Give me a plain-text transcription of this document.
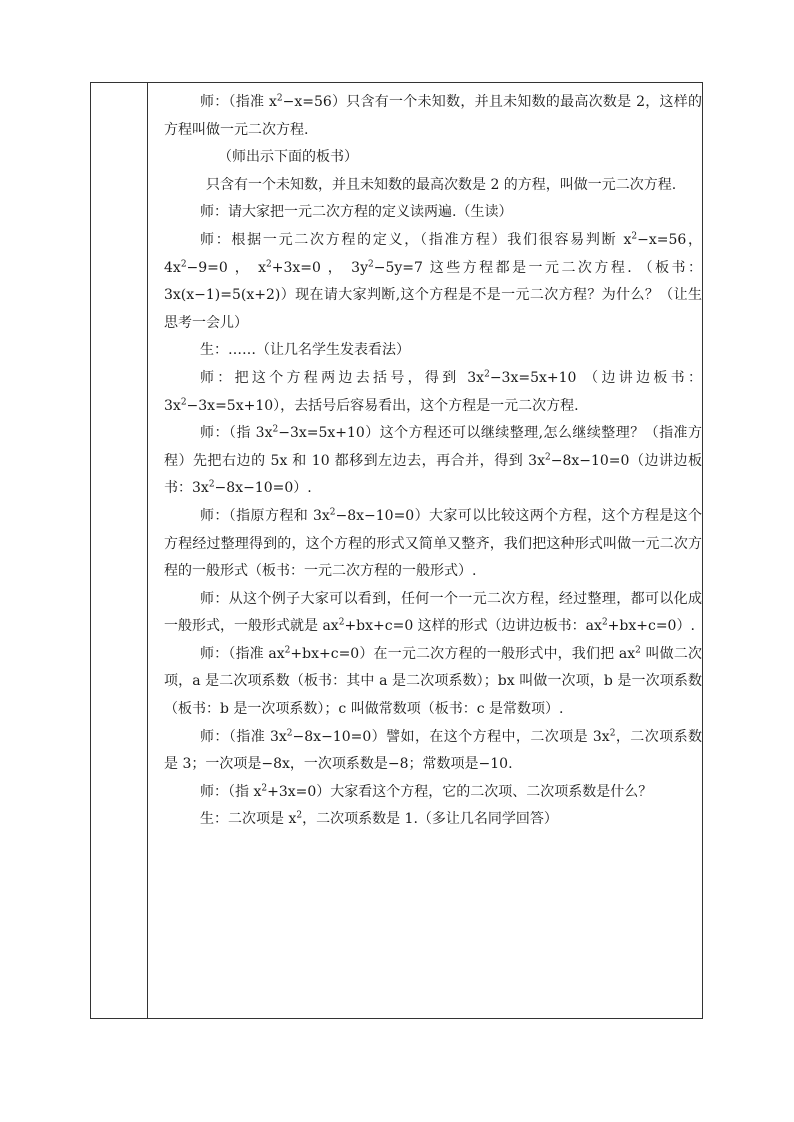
师：（指准 $x^2-x=56$）只含有一个未知数，并且未知数的最高次数是 2，这样的方程叫做一元二次方程.

（师出示下面的板书）

只含有一个未知数，并且未知数的最高次数是 2 的方程，叫做一元二次方程.

师：请大家把一元二次方程的定义读两遍.（生读）

师：根据一元二次方程的定义，（指准方程）我们很容易判断 $x^2-x=56$，$4x^2-9=0$ ， $x^2+3x=0$ ， $3y^2-5y=7$ 这些方程都是一元二次方程. （板书：3x(x−1)=5(x+2)）现在请大家判断,这个方程是不是一元二次方程？为什么？（让生思考一会儿）

生：……（让几名学生发表看法）

师：把这个方程两边去括号，得到 $3x^2-3x=5x+10$ （边讲边板书：$3x^2-3x=5x+10$），去括号后容易看出，这个方程是一元二次方程.

师：（指 $3x^2-3x=5x+10$）这个方程还可以继续整理,怎么继续整理？（指准方程）先把右边的 5x 和 10 都移到左边去，再合并，得到 $3x^2-8x-10=0$（边讲边板书：$3x^2-8x-10=0$）.

师：（指原方程和 $3x^2-8x-10=0$）大家可以比较这两个方程，这个方程是这个方程经过整理得到的，这个方程的形式又简单又整齐，我们把这种形式叫做一元二次方程的一般形式（板书：一元二次方程的一般形式）.

师：从这个例子大家可以看到，任何一个一元二次方程，经过整理，都可以化成一般形式，一般形式就是 $ax^2+bx+c=0$ 这样的形式（边讲边板书：$ax^2+bx+c=0$）.

师：（指准 $ax^2+bx+c=0$）在一元二次方程的一般形式中，我们把 $ax^2$ 叫做二次项，a 是二次项系数（板书：其中 a 是二次项系数）；bx 叫做一次项，b 是一次项系数（板书：b 是一次项系数）；c 叫做常数项（板书：c 是常数项）.

师：（指准 $3x^2-8x-10=0$）譬如，在这个方程中，二次项是 $3x^2$，二次项系数是 3；一次项是−8x，一次项系数是−8；常数项是−10.

师：（指 $x^2+3x=0$）大家看这个方程，它的二次项、二次项系数是什么？

生：二次项是 $x^2$，二次项系数是 1.（多让几名同学回答）
